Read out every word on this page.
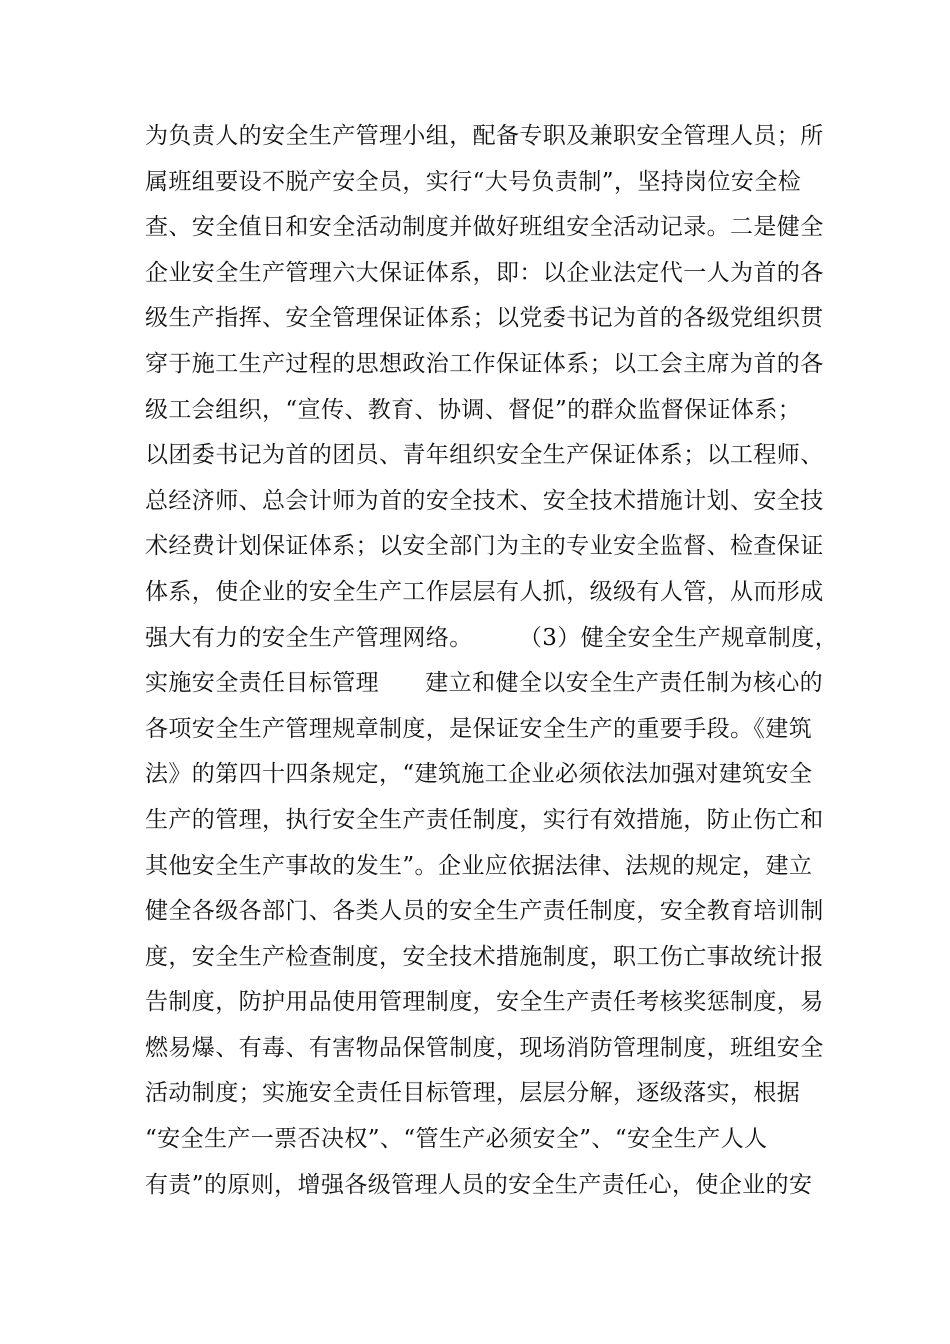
为负责人的安全生产管理小组，配备专职及兼职安全管理人员；所
属班组要设不脱产安全员，实行“大号负责制”，坚持岗位安全检
查、安全值日和安全活动制度并做好班组安全活动记录。二是健全
企业安全生产管理六大保证体系，即：以企业法定代一人为首的各
级生产指挥、安全管理保证体系；以党委书记为首的各级党组织贯
穿于施工生产过程的思想政治工作保证体系；以工会主席为首的各
级工会组织，“宣传、教育、协调、督促”的群众监督保证体系；
以团委书记为首的团员、青年组织安全生产保证体系；以工程师、
总经济师、总会计师为首的安全技术、安全技术措施计划、安全技
术经费计划保证体系；以安全部门为主的专业安全监督、检查保证
体系，使企业的安全生产工作层层有人抓，级级有人管，从而形成
强大有力的安全生产管理网络。      （3）健全安全生产规章制度，
实施安全责任目标管理      建立和健全以安全生产责任制为核心的
各项安全生产管理规章制度，是保证安全生产的重要手段。《建筑
法》的第四十四条规定，“建筑施工企业必须依法加强对建筑安全
生产的管理，执行安全生产责任制度，实行有效措施，防止伤亡和
其他安全生产事故的发生”。企业应依据法律、法规的规定，建立
健全各级各部门、各类人员的安全生产责任制度，安全教育培训制
度，安全生产检查制度，安全技术措施制度，职工伤亡事故统计报
告制度，防护用品使用管理制度，安全生产责任考核奖惩制度，易
燃易爆、有毒、有害物品保管制度，现场消防管理制度，班组安全
活动制度；实施安全责任目标管理，层层分解，逐级落实，根据
“安全生产一票否决权”、“管生产必须安全”、“安全生产人人
有责”的原则，增强各级管理人员的安全生产责任心，使企业的安
